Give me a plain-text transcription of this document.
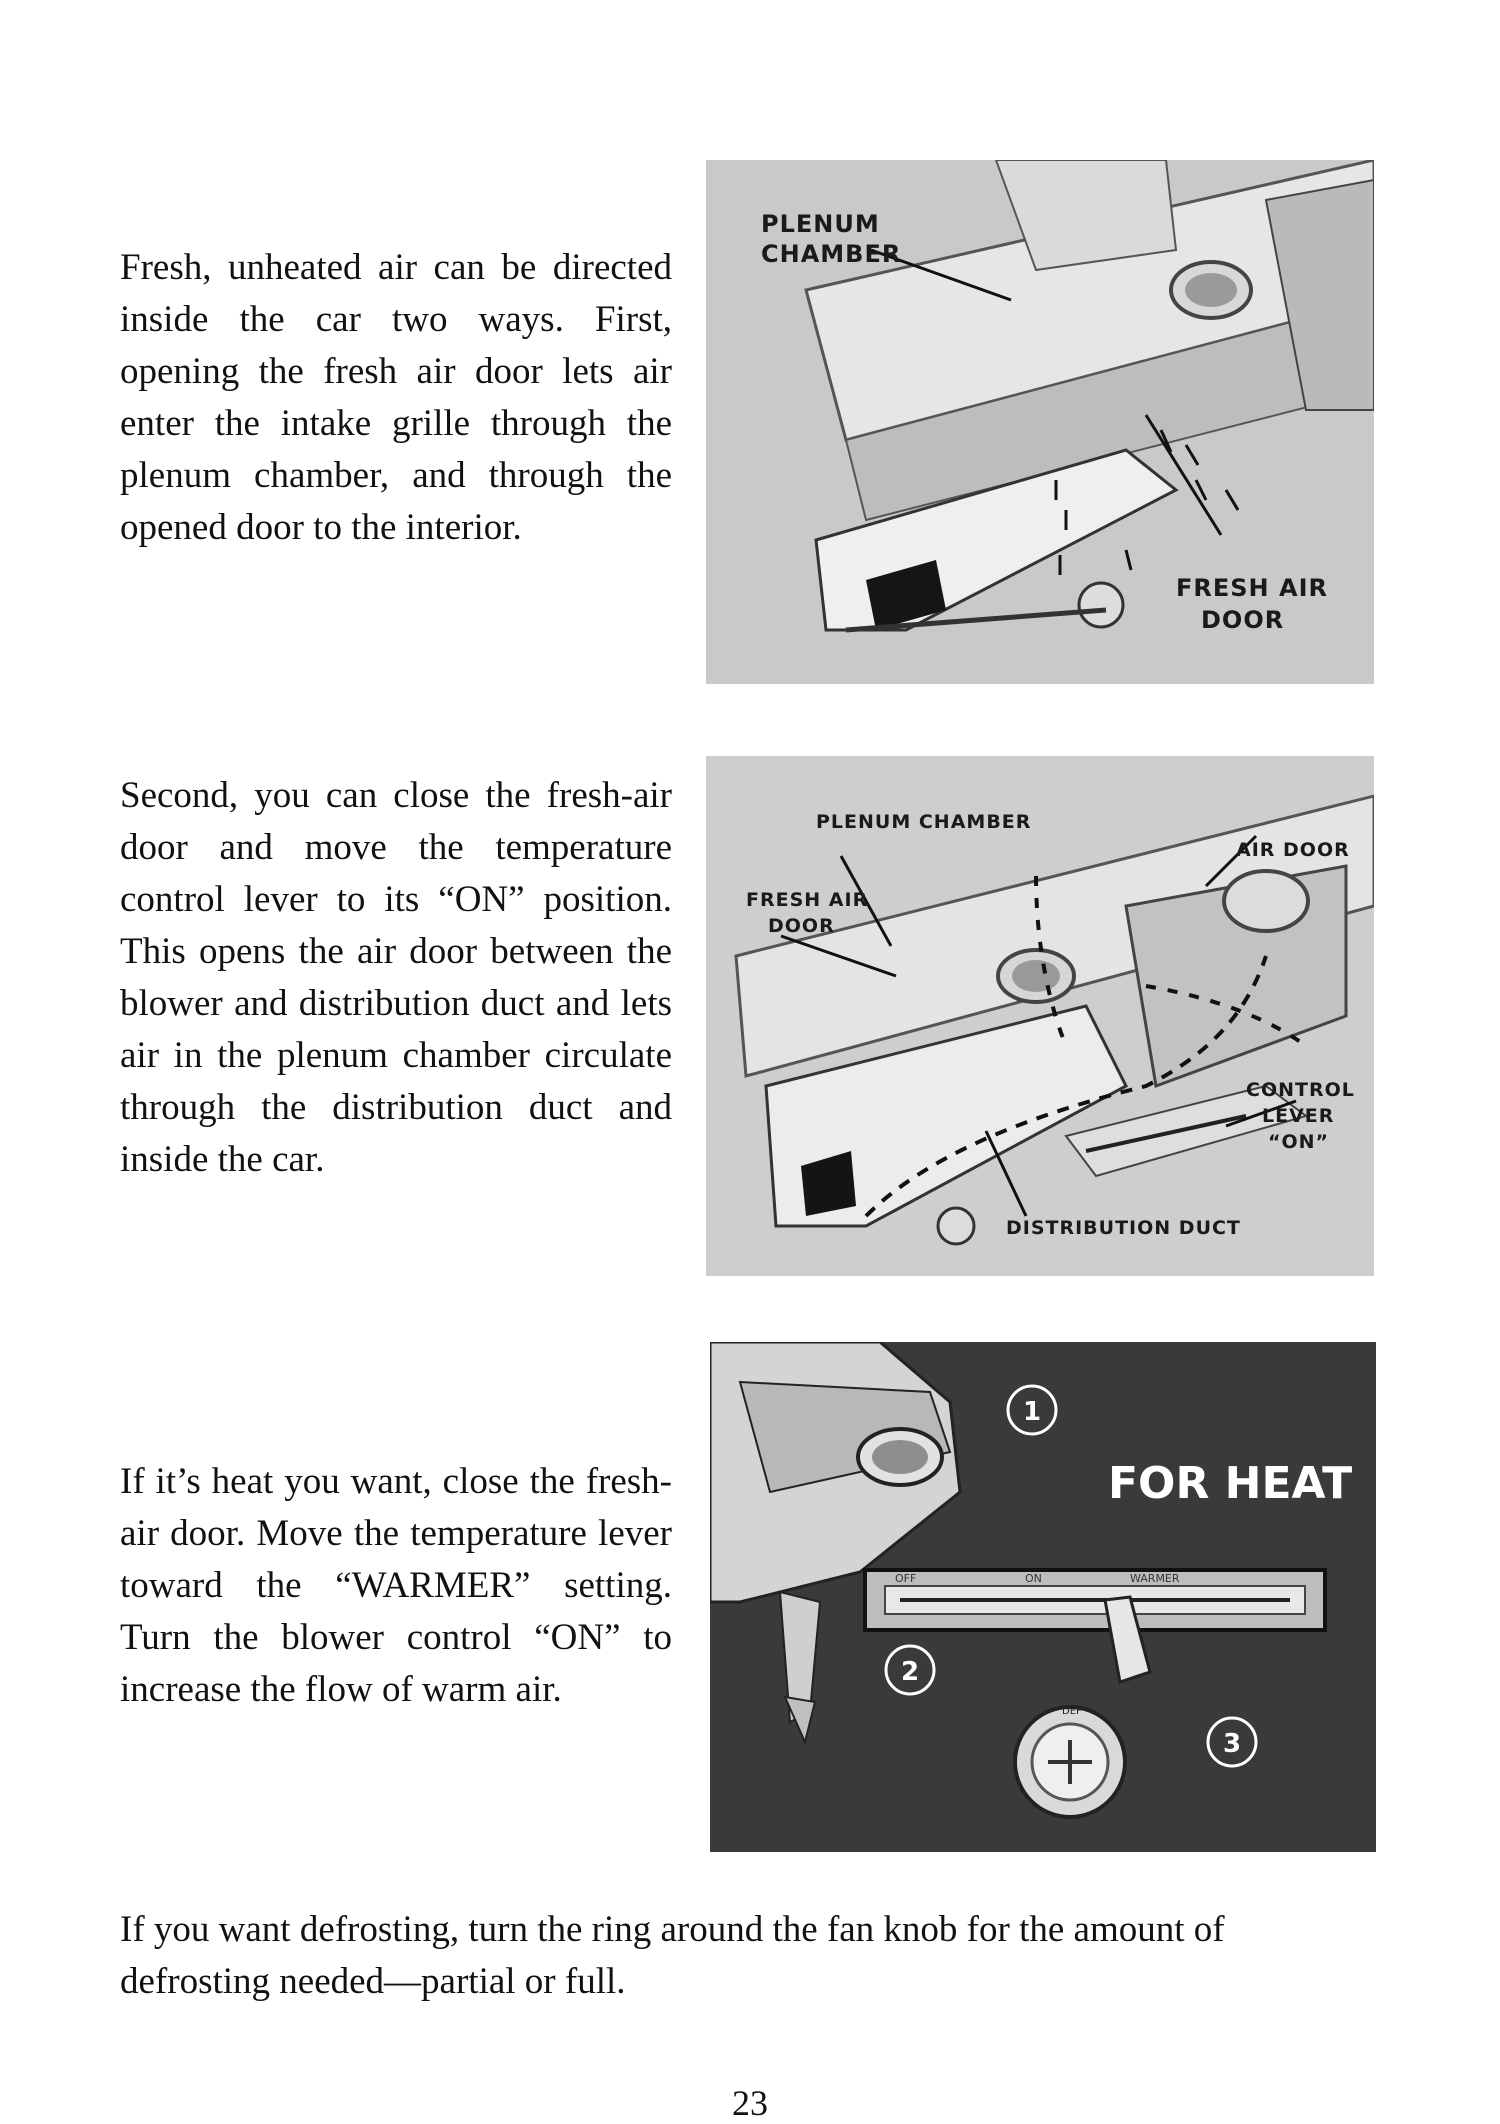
Fresh, unheated air can be directed inside the car two ways. First, opening the fresh air door lets air enter the intake grille through the plenum chamber, and through the opened door to the interior.

PLENUM
CHAMBER
FRESH AIR
DOOR

Second, you can close the fresh-air door and move the temperature control lever to its “ON” position. This opens the air door between the blower and distribution duct and lets air in the plenum chamber circulate through the distribution duct and inside the car.

PLENUM CHAMBER
FRESH AIR
DOOR
AIR DOOR
CONTROL
LEVER
“ON”
DISTRIBUTION DUCT

If it’s heat you want, close the fresh-air door. Move the temperature lever toward the “WARMER” setting. Turn the blower control “ON” to increase the flow of warm air.

OFF	ON	WARMER
DEF
1
2
3
FOR HEAT

If you want defrosting, turn the ring around the fan knob for the amount of defrosting needed—partial or full.

23
